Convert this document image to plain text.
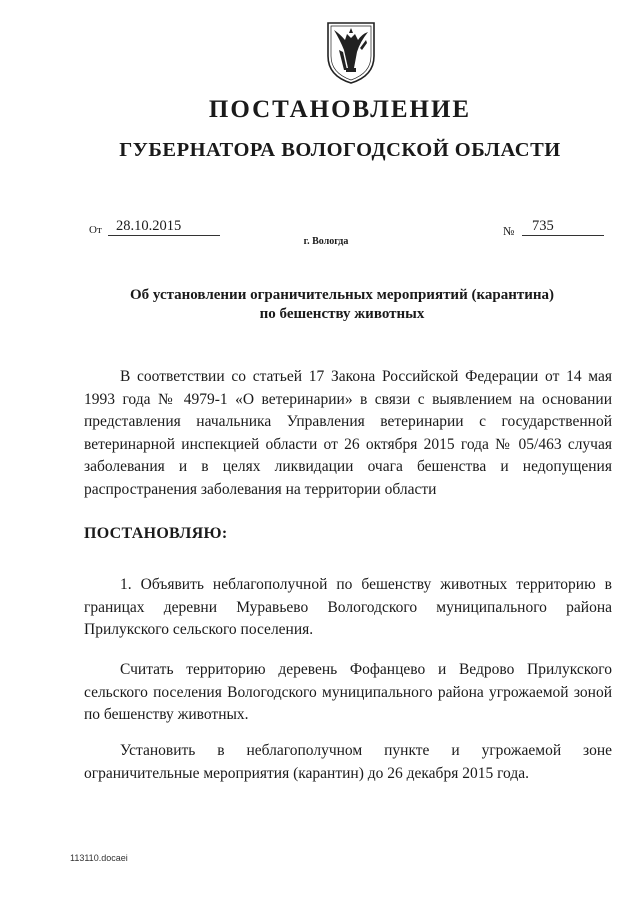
ПОСТАНОВЛЕНИЕ
ГУБЕРНАТОРА ВОЛОГОДСКОЙ ОБЛАСТИ
От 28.10.2015	№	735
г. Вологда
Об установлении ограничительных мероприятий (карантина)
по бешенству животных

В соответствии со статьей 17 Закона Российской Федерации от 14 мая 1993 года № 4979-1 «О ветеринарии» в связи с выявлением на основании представления начальника Управления ветеринарии с государственной ветеринарной инспекцией области от 26 октября 2015 года № 05/463 случая заболевания и в целях ликвидации очага бешенства и недопущения распространения заболевания на территории области

ПОСТАНОВЛЯЮ:

1. Объявить неблагополучной по бешенству животных территорию в границах деревни Муравьево Вологодского муниципального района Прилукского сельского поселения.

Считать территорию деревень Фофанцево и Ведрово Прилукского сельского поселения Вологодского муниципального района угрожаемой зоной по бешенству животных.

Установить в неблагополучном пункте и угрожаемой зоне ограничительные мероприятия (карантин) до 26 декабря 2015 года.

113110.docaei
